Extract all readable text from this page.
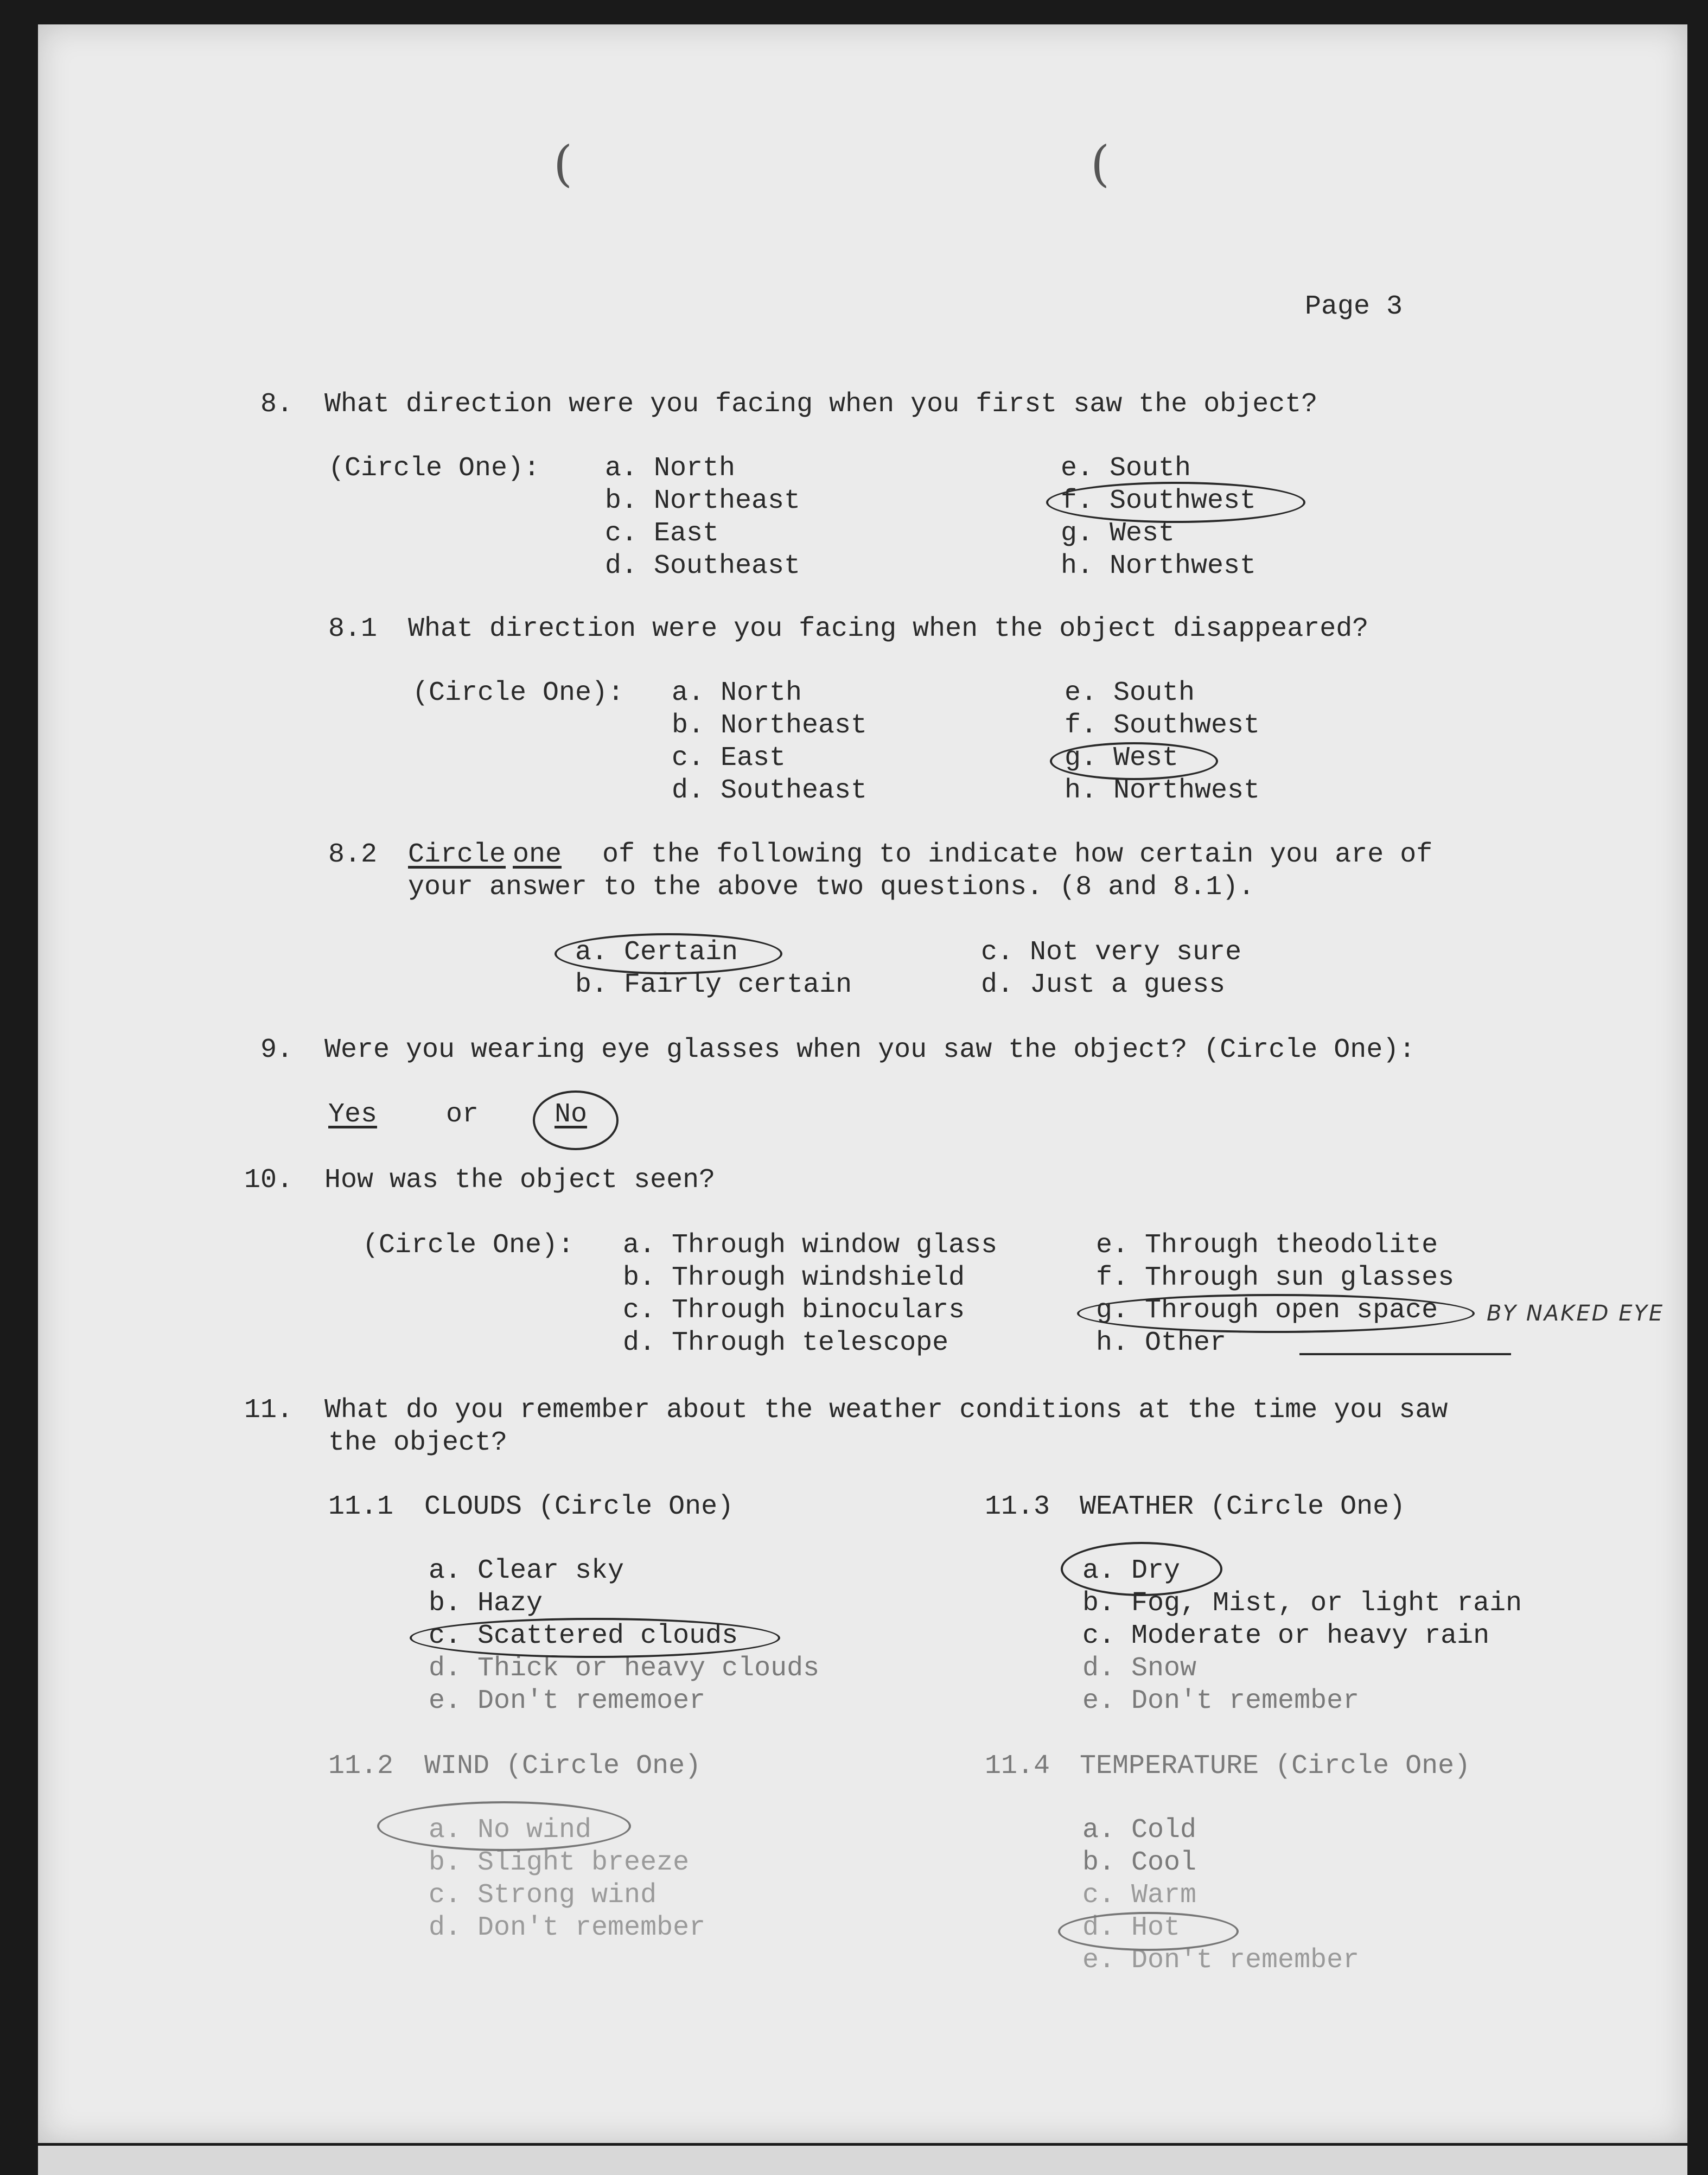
(	(
Page 3
8. What direction were you facing when you first saw the object?
(Circle One): a. North
b. Northeast
c. East
d. Southeast
e. South
f. Southwest
g. West
h. Northwest
8.1 What direction were you facing when the object disappeared?
(Circle One): a. North
b. Northeast
c. East
d. Southeast
e. South
f. Southwest
g. West
h. Northwest
8.2 Circle one of the following to indicate how certain you are of
your answer to the above two questions. (8 and 8.1).
a. Certain
b. Fairly certain
c. Not very sure
d. Just a guess
9. Were you wearing eye glasses when you saw the object? (Circle One):
Yes	or	No
10. How was the object seen?
(Circle One): a. Through window glass
b. Through windshield
c. Through binoculars
d. Through telescope
e. Through theodolite
f. Through sun glasses
g. Through open space
h. Other
BY NAKED EYE
11. What do you remember about the weather conditions at the time you saw
the object?
11.1 CLOUDS (Circle One)
a. Clear sky
b. Hazy
c. Scattered clouds
d. Thick or heavy clouds
e. Don't rememoer
11.2 WIND (Circle One)
a. No wind
b. Slight breeze
c. Strong wind
d. Don't remember
11.3 WEATHER (Circle One)
a. Dry
b. Fog, Mist, or light rain
c. Moderate or heavy rain
d. Snow
e. Don't remember
11.4 TEMPERATURE (Circle One)
a. Cold
b. Cool
c. Warm
d. Hot
e. Don't remember
